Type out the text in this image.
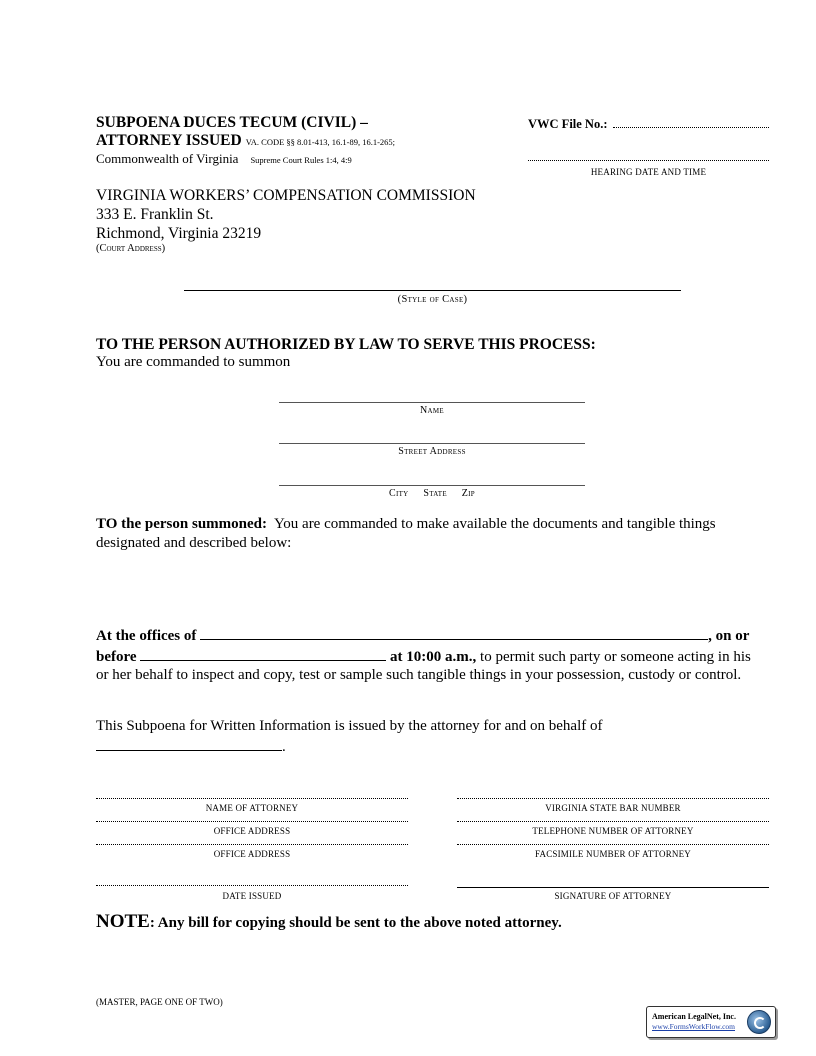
SUBPOENA DUCES TECUM (CIVIL) –
ATTORNEY ISSUED VA. CODE §§ 8.01-413, 16.1-89, 16.1-265;
Commonwealth of Virginia Supreme Court Rules 1:4, 4:9
VWC File No.:
HEARING DATE AND TIME
VIRGINIA WORKERS’ COMPENSATION COMMISSION
333 E. Franklin St.
Richmond, Virginia 23219
(Court Address)
(Style of Case)
TO THE PERSON AUTHORIZED BY LAW TO SERVE THIS PROCESS:
You are commanded to summon
Name
Street Address
City State Zip
TO the person summoned: You are commanded to make available the documents and tangible things designated and described below:
At the offices of	, on or
before	at 10:00 a.m., to permit such party or someone acting in his or her behalf to inspect and copy, test or sample such tangible things in your possession, custody or control.
This Subpoena for Written Information is issued by the attorney for and on behalf of
.
NAME OF ATTORNEY
OFFICE ADDRESS
OFFICE ADDRESS
DATE ISSUED
VIRGINIA STATE BAR NUMBER
TELEPHONE NUMBER OF ATTORNEY
FACSIMILE NUMBER OF ATTORNEY
SIGNATURE OF ATTORNEY
NOTE: Any bill for copying should be sent to the above noted attorney.
(MASTER, PAGE ONE OF TWO)
American LegalNet, Inc.
www.FormsWorkFlow.com
